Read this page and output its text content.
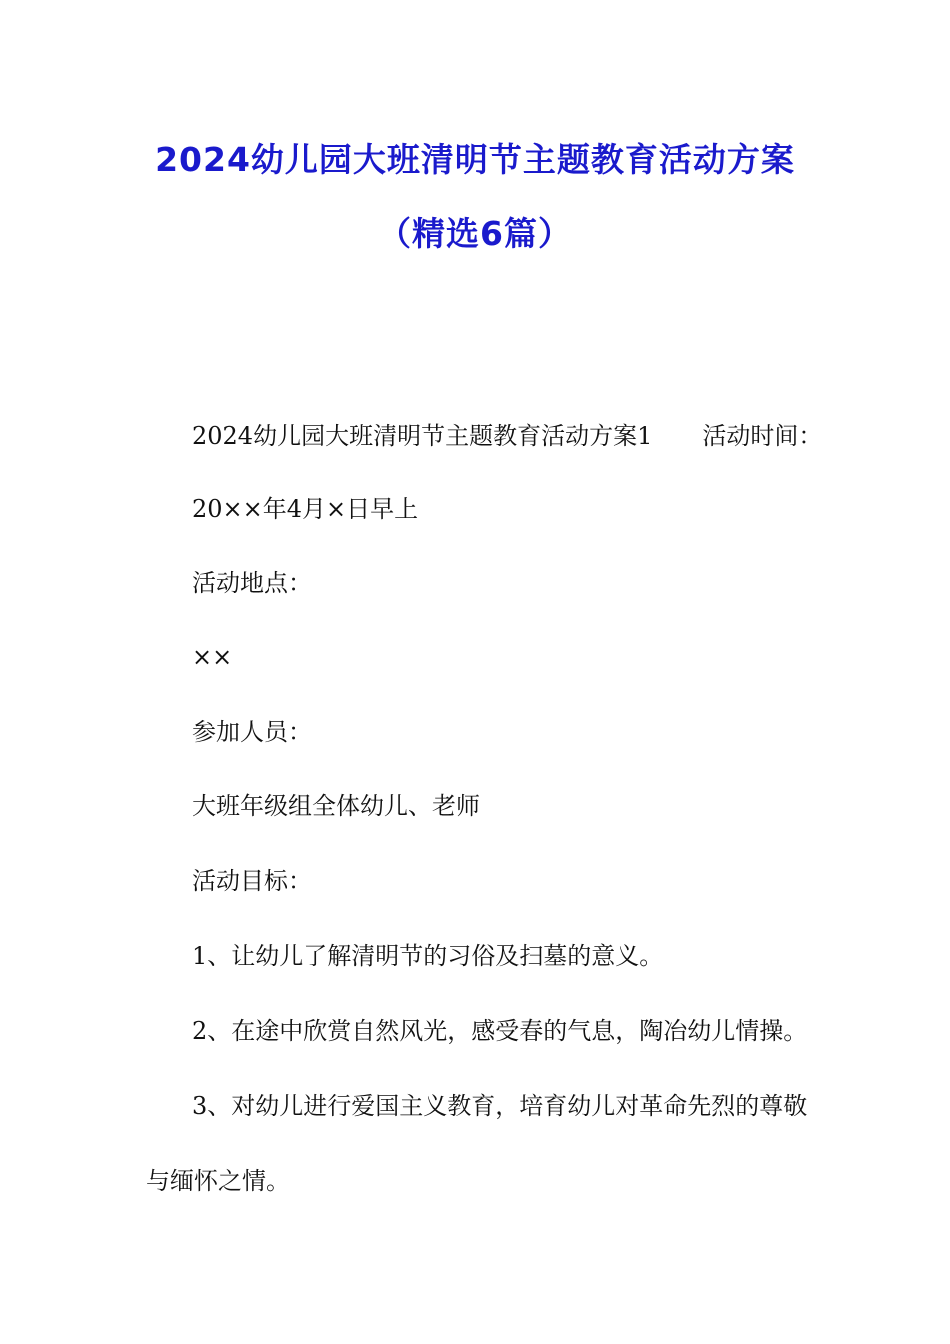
2024幼儿园大班清明节主题教育活动方案
（精选6篇）
2024幼儿园大班清明节主题教育活动方案1 活动时间：
20××年4月×日早上
活动地点：
××
参加人员：
大班年级组全体幼儿、老师
活动目标：
1、让幼儿了解清明节的习俗及扫墓的意义。
2、在途中欣赏自然风光，感受春的气息，陶冶幼儿情操。
3、对幼儿进行爱国主义教育，培育幼儿对革命先烈的尊敬
与缅怀之情。
